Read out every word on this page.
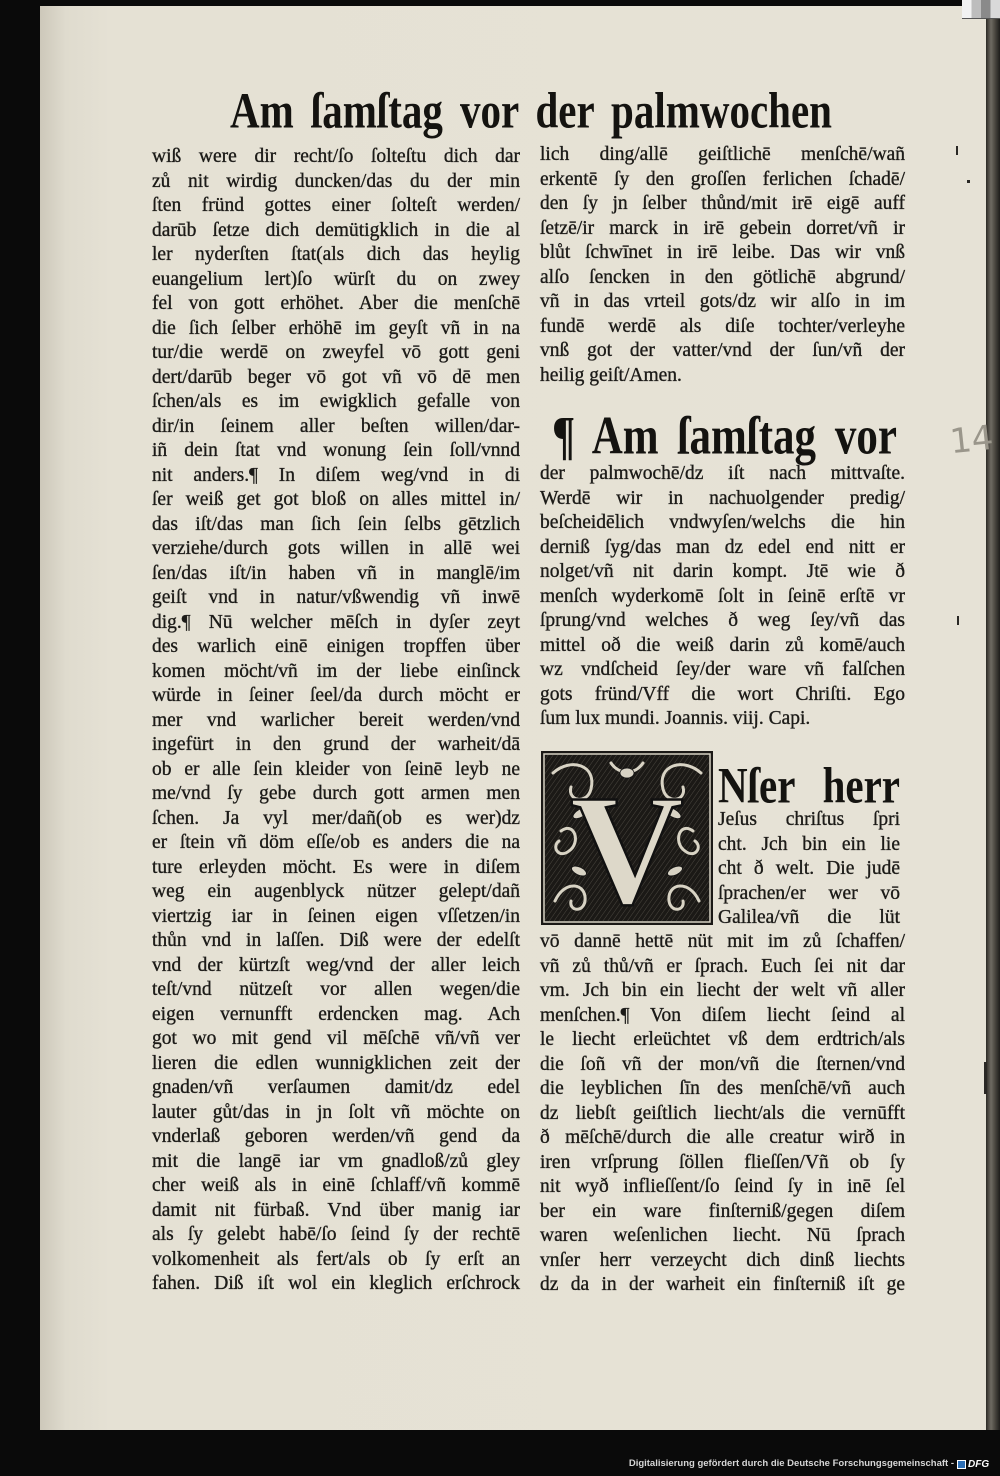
Am ſamſtag vor der palmwochen
wiß were dir recht/ſo ſolteſtu dich dar
zů nit wirdig duncken/das du der min
ſten fründ gottes einer ſolteſt werden/
darūb ſetze dich demütigklich in die al
ler nyderſten ſtat(als dich das heylig
euangelium lert)ſo würſt du on zwey
fel von gott erhöhet. Aber die menſchē
die ſich ſelber erhöhē im geyſt vñ in na
tur/die werdē on zweyfel vō gott geni
dert/darūb beger vō got vñ vō dē men
ſchen/als es im ewigklich gefalle von
dir/in ſeinem aller beſten willen/dar-
iñ dein ſtat vnd wonung ſein ſoll/vnnd
nit anders.¶ In diſem weg/vnd in di
ſer weiß get got bloß on alles mittel in/
das iſt/das man ſich ſein ſelbs gētzlich
verziehe/durch gots willen in allē wei
ſen/das iſt/in haben vñ in manglē/im
geiſt vnd in natur/vßwendig vñ inwē
dig.¶ Nū welcher mēſch in dyſer zeyt
des warlich einē einigen tropffen über
komen möcht/vñ im der liebe einſinck
würde in ſeiner ſeel/da durch möcht er
mer vnd warlicher bereit werden/vnd
ingefürt in den grund der warheit/dā
ob er alle ſein kleider von ſeinē leyb ne
me/vnd ſy gebe durch gott armen men
ſchen. Ja vyl mer/dañ(ob es wer)dz
er ſtein vñ döm eſſe/ob es anders die na
ture erleyden möcht. Es were in diſem
weg ein augenblyck nützer gelept/dañ
viertzig iar in ſeinen eigen vſſetzen/in
thůn vnd in laſſen. Diß were der edelſt
vnd der kürtzſt weg/vnd der aller leich
teſt/vnd nützeſt vor allen wegen/die
eigen vernunfft erdencken mag. Ach
got wo mit gend vil mēſchē vñ/vñ ver
lieren die edlen wunnigklichen zeit der
gnaden/vñ verſaumen damit/dz edel
lauter gůt/das in jn ſolt vñ möchte on
vnderlaß geboren werden/vñ gend da
mit die langē iar vm gnadloß/zů gley
cher weiß als in einē ſchlaff/vñ kommē
damit nit fürbaß. Vnd über manig iar
als ſy gelebt habē/ſo ſeind ſy der rechtē
volkomenheit als fert/als ob ſy erſt an
fahen. Diß iſt wol ein kleglich erſchrock
lich ding/allē geiſtlichē menſchē/wañ
erkentē ſy den groſſen ferlichen ſchadē/
den ſy jn ſelber thůnd/mit irē eigē auff
ſetzē/ir marck in irē gebein dorret/vñ ir
blůt ſchwīnet in irē leibe. Das wir vnß
alſo ſencken in den götlichē abgrund/
vñ in das vrteil gots/dz wir alſo in im
fundē werdē als diſe tochter/verleyhe
vnß got der vatter/vnd der ſun/vñ der
heilig geiſt/Amen.
¶ Am ſamſtag vor
der palmwochē/dz iſt nach mittvaſte.
Werdē wir in nachuolgender predig/
beſcheidēlich vndwyſen/welchs die hin
derniß ſyg/das man dz edel end nitt er
nolget/vñ nit darin kompt. Jtē wie ð
menſch wyderkomē ſolt in ſeinē erſtē vr
ſprung/vnd welches ð weg ſey/vñ das
mittel oð die weiß darin zů komē/auch
wz vndſcheid ſey/der ware vñ falſchen
gots fründ/Vff die wort Chriſti. Ego
ſum lux mundi. Joannis. viij. Capi.
V Nſer herr
Jeſus chriſtus ſpri
cht. Jch bin ein lie
cht ð welt. Die judē
ſprachen/er wer vō
Galilea/vñ die lüt
vō dannē hettē nüt mit im zů ſchaffen/
vñ zů thů/vñ er ſprach. Euch ſei nit dar
vm. Jch bin ein liecht der welt vñ aller
menſchen.¶ Von diſem liecht ſeind al
le liecht erleüchtet vß dem erdtrich/als
die ſoñ vñ der mon/vñ die ſternen/vnd
die leyblichen ſīn des menſchē/vñ auch
dz liebſt geiſtlich liecht/als die vernūfft
ð mēſchē/durch die alle creatur wirð in
iren vrſprung ſöllen flieſſen/Vñ ob ſy
nit wyð inflieſſent/ſo ſeind ſy in inē ſel
ber ein ware finſterniß/gegen diſem
waren weſenlichen liecht. Nū ſprach
vnſer herr verzeycht dich dinß liechts
dz da in der warheit ein finſterniß iſt ge
14
Digitalisierung gefördert durch die Deutsche Forschungsgemeinschaft - DFG
